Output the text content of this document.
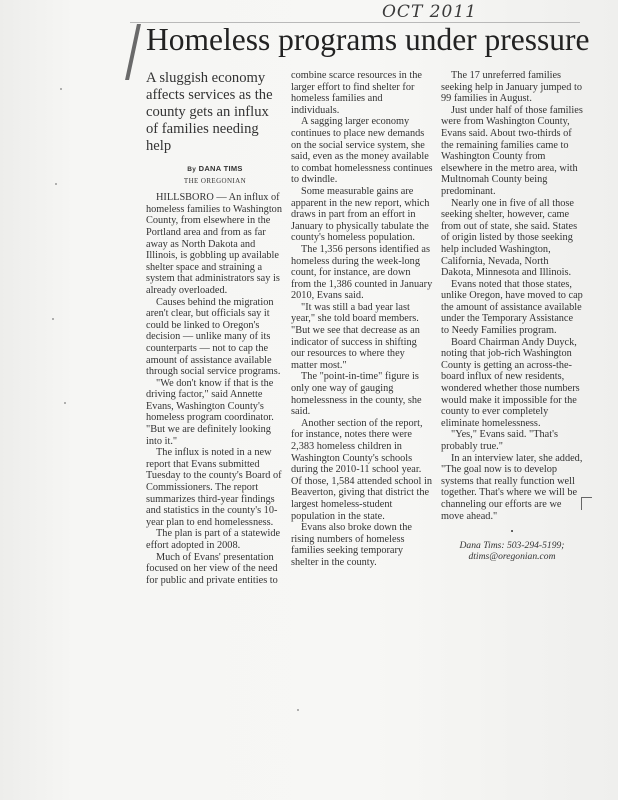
OCT 2011
Homeless programs under pressure
A sluggish economy affects services as the county gets an influx of families needing help
By DANA TIMS
THE OREGONIAN

HILLSBORO — An influx of homeless families to Washington County, from elsewhere in the Portland area and from as far away as North Dakota and Illinois, is gobbling up available shelter space and straining a system that administrators say is already overloaded.

Causes behind the migration aren't clear, but officials say it could be linked to Oregon's decision — unlike many of its counterparts — not to cap the amount of assistance available through social service programs.

"We don't know if that is the driving factor," said Annette Evans, Washington County's homeless program coordinator. "But we are definitely looking into it."

The influx is noted in a new report that Evans submitted Tuesday to the county's Board of Commissioners. The report summarizes third-year findings and statistics in the county's 10-year plan to end homelessness.

The plan is part of a statewide effort adopted in 2008.

Much of Evans' presentation focused on her view of the need for public and private entities to

combine scarce resources in the larger effort to find shelter for homeless families and individuals.

A sagging larger economy continues to place new demands on the social service system, she said, even as the money available to combat homelessness continues to dwindle.

Some measurable gains are apparent in the new report, which draws in part from an effort in January to physically tabulate the county's homeless population.

The 1,356 persons identified as homeless during the week-long count, for instance, are down from the 1,386 counted in January 2010, Evans said.

"It was still a bad year last year," she told board members. "But we see that decrease as an indicator of success in shifting our resources to where they matter most."

The "point-in-time" figure is only one way of gauging homelessness in the county, she said.

Another section of the report, for instance, notes there were 2,383 homeless children in Washington County's schools during the 2010-11 school year. Of those, 1,584 attended school in Beaverton, giving that district the largest homeless-student population in the state.

Evans also broke down the rising numbers of homeless families seeking temporary shelter in the county.

The 17 unreferred families seeking help in January jumped to 99 families in August.

Just under half of those families were from Washington County, Evans said. About two-thirds of the remaining families came to Washington County from elsewhere in the metro area, with Multnomah County being predominant.

Nearly one in five of all those seeking shelter, however, came from out of state, she said. States of origin listed by those seeking help included Washington, California, Nevada, North Dakota, Minnesota and Illinois.

Evans noted that those states, unlike Oregon, have moved to cap the amount of assistance available under the Temporary Assistance to Needy Families program.

Board Chairman Andy Duyck, noting that job-rich Washington County is getting an across-the-board influx of new residents, wondered whether those numbers would make it impossible for the county to ever completely eliminate homelessness.

"Yes," Evans said. "That's probably true."

In an interview later, she added, "The goal now is to develop systems that really function well together. That's where we will be channeling our efforts are we move ahead."

•

Dana Tims: 503-294-5199;

dtims@oregonian.com
